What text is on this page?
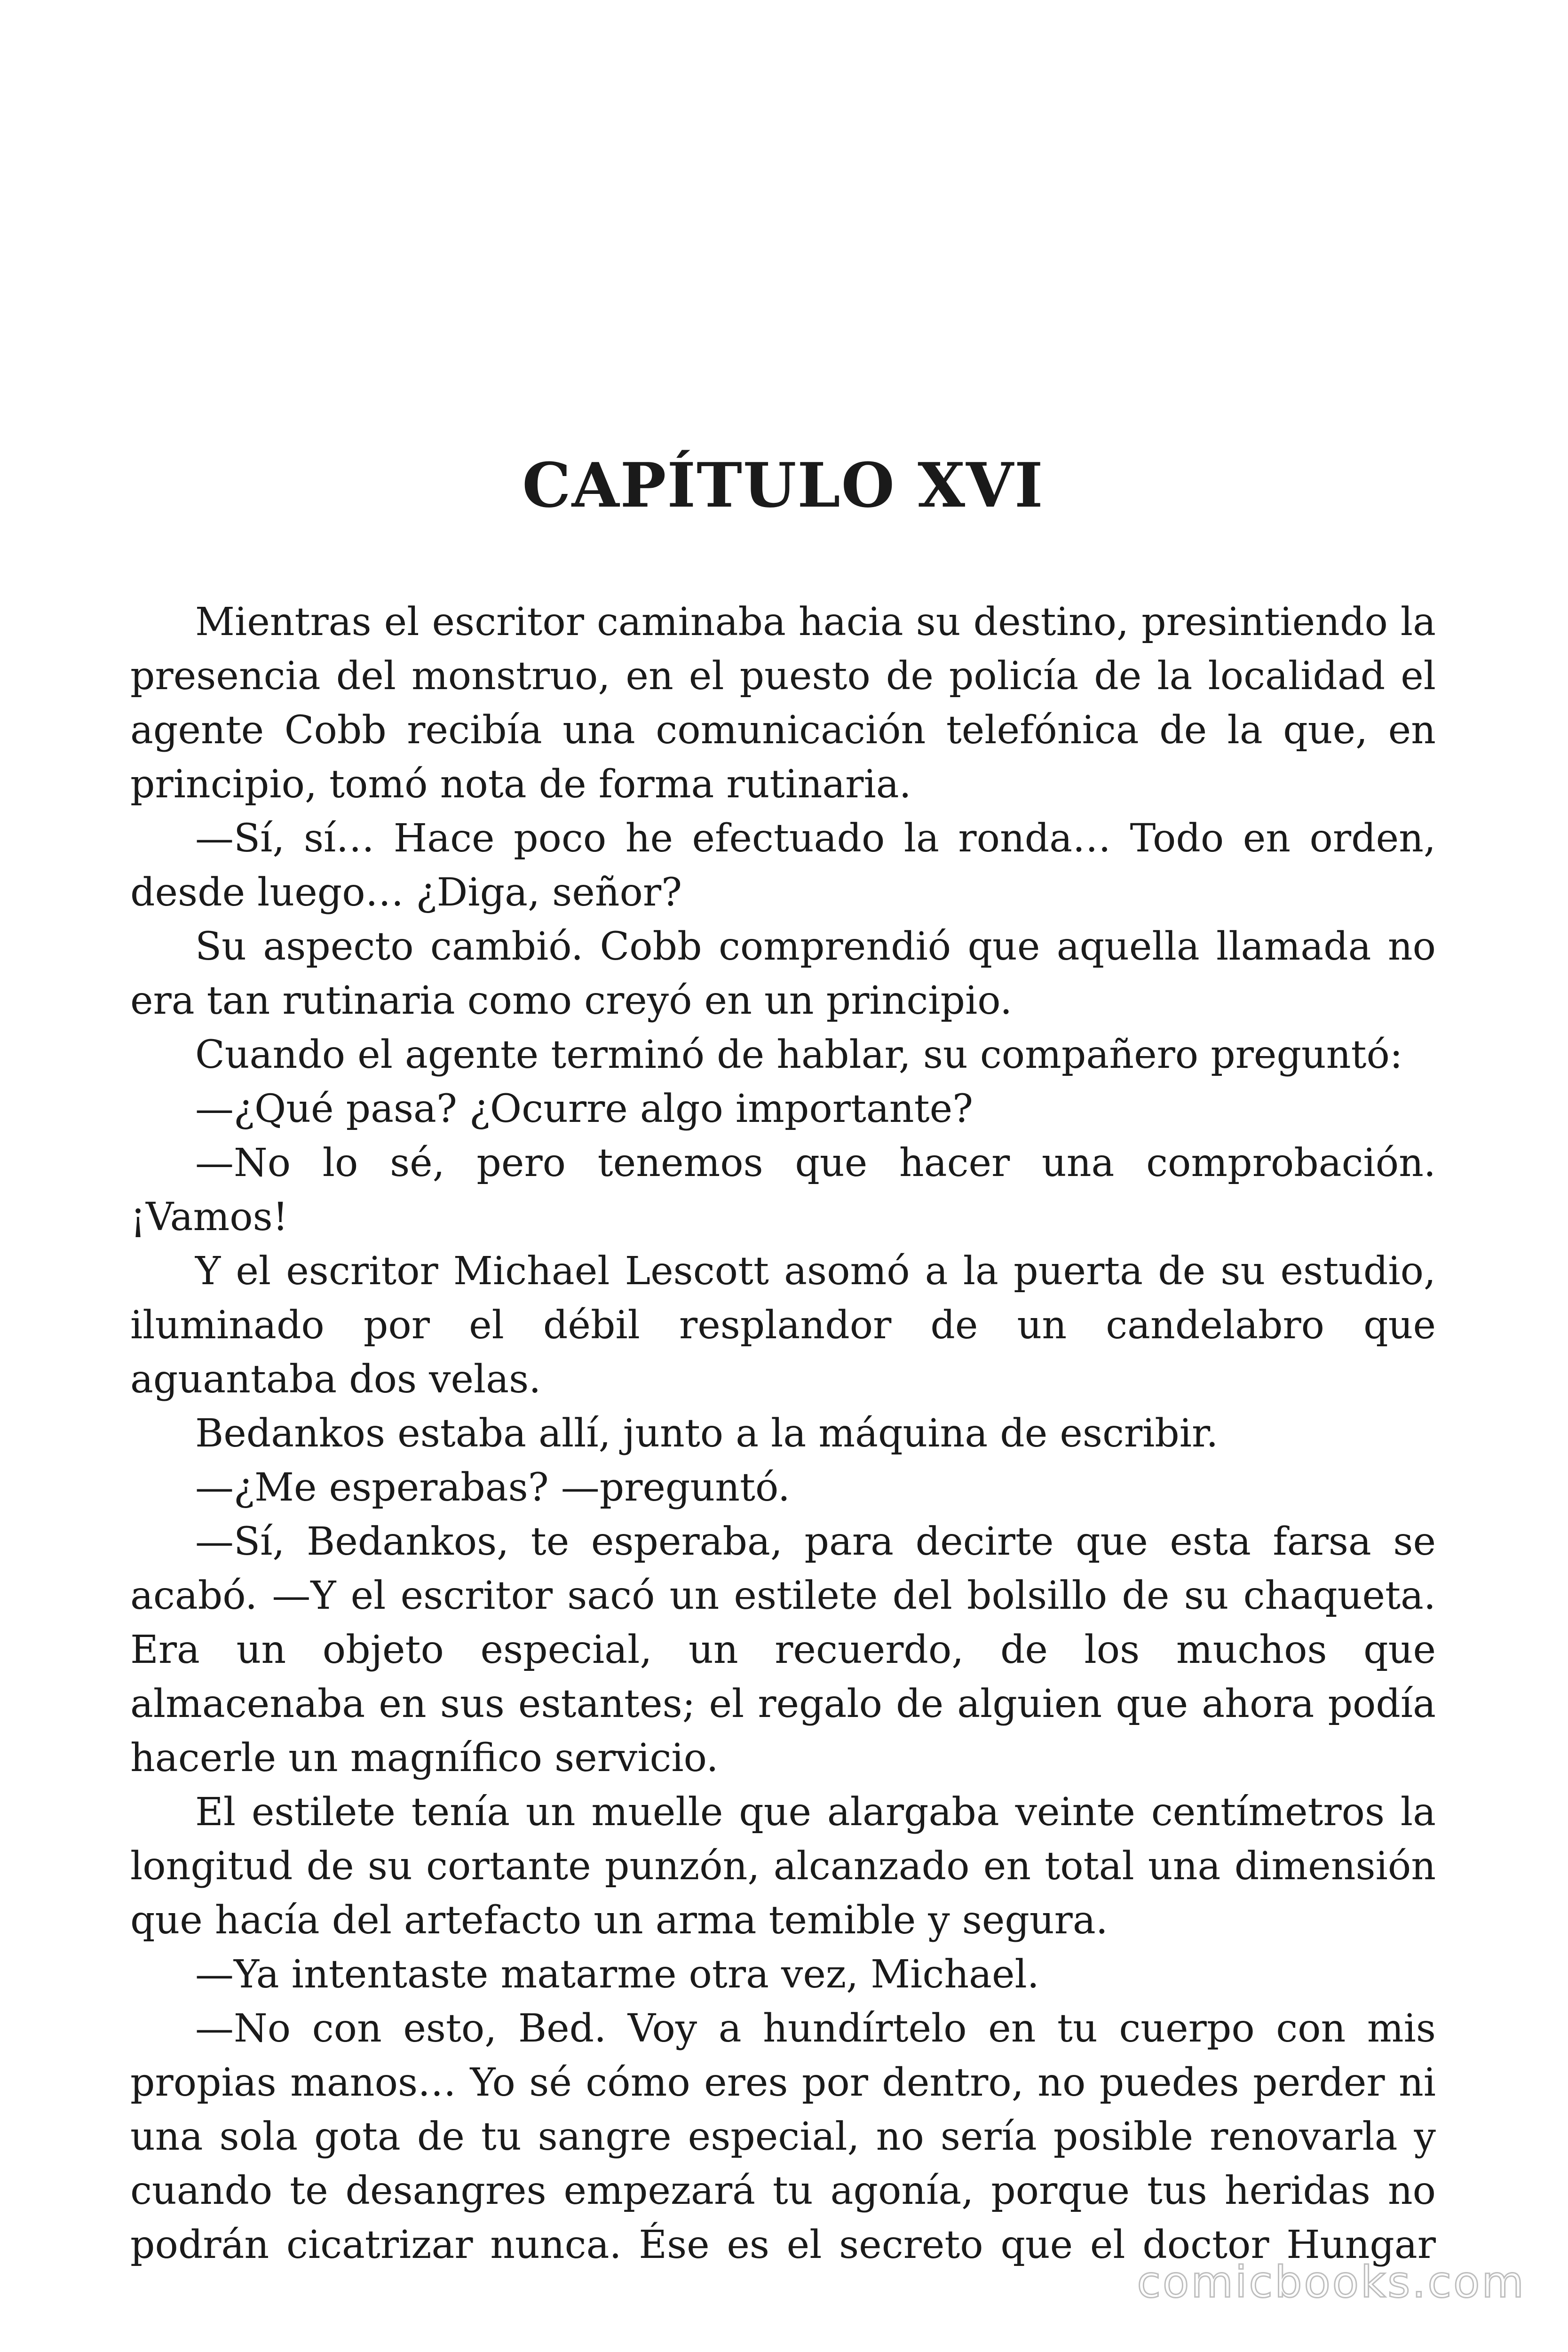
CAPÍTULO XVI

Mientras el escritor caminaba hacia su destino, presintiendo la presencia del monstruo, en el puesto de policía de la localidad el agente Cobb recibía una comunicación telefónica de la que, en principio, tomó nota de forma rutinaria.

—Sí, sí… Hace poco he efectuado la ronda… Todo en orden, desde luego… ¿Diga, señor?

Su aspecto cambió. Cobb comprendió que aquella llamada no era tan rutinaria como creyó en un principio.

Cuando el agente terminó de hablar, su compañero preguntó:

—¿Qué pasa? ¿Ocurre algo importante?

—No lo sé, pero tenemos que hacer una comprobación. ¡Vamos!

Y el escritor Michael Lescott asomó a la puerta de su estudio, iluminado por el débil resplandor de un candelabro que aguantaba dos velas.

Bedankos estaba allí, junto a la máquina de escribir.

—¿Me esperabas? —preguntó.

—Sí, Bedankos, te esperaba, para decirte que esta farsa se acabó. —Y el escritor sacó un estilete del bolsillo de su chaqueta. Era un objeto especial, un recuerdo, de los muchos que almacenaba en sus estantes; el regalo de alguien que ahora podía hacerle un magnífico servicio.

El estilete tenía un muelle que alargaba veinte centímetros la longitud de su cortante punzón, alcanzado en total una dimensión que hacía del artefacto un arma temible y segura.

—Ya intentaste matarme otra vez, Michael.

—No con esto, Bed. Voy a hundírtelo en tu cuerpo con mis propias manos… Yo sé cómo eres por dentro, no puedes perder ni una sola gota de tu sangre especial, no sería posible renovarla y cuando te desangres empezará tu agonía, porque tus heridas no podrán cicatrizar nunca. Ése es el secreto que el doctor Hungar

comicbooks.com
